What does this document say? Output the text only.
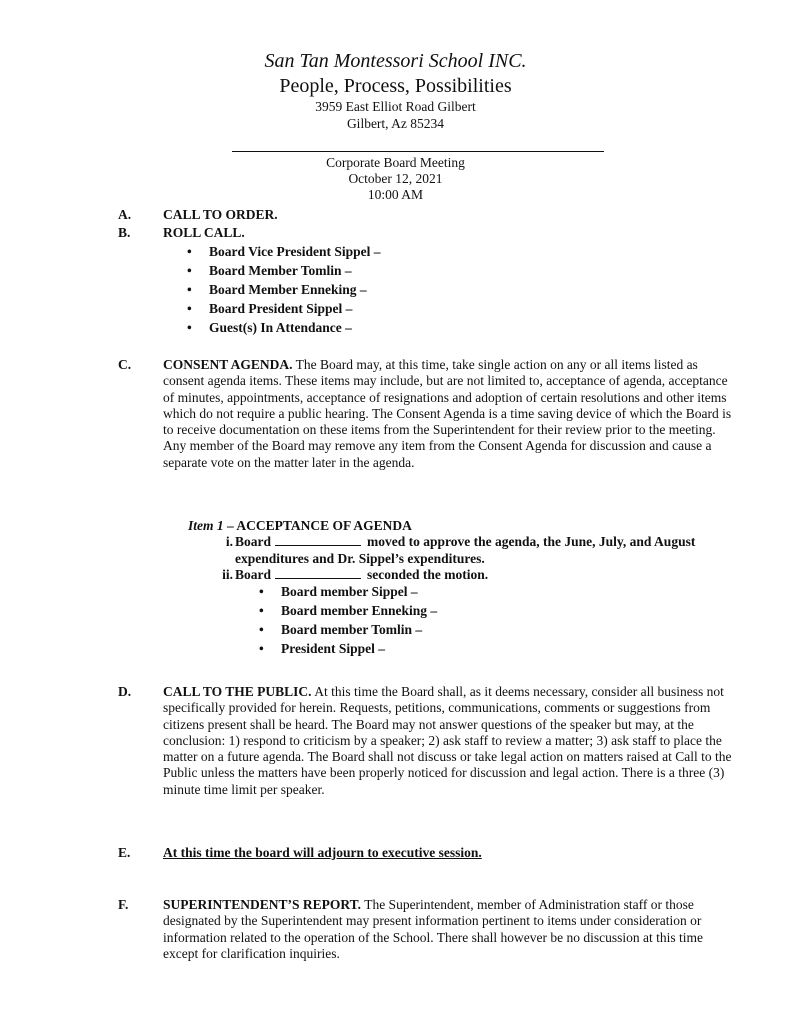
San Tan Montessori School INC.
People, Process, Possibilities
3959 East Elliot Road Gilbert
Gilbert, Az 85234
Corporate Board Meeting
October 12, 2021
10:00 AM
A. CALL TO ORDER.
B. ROLL CALL.
• Board Vice President Sippel –
• Board Member Tomlin –
• Board Member Enneking –
• Board President Sippel –
• Guest(s) In Attendance –
C. CONSENT AGENDA. The Board may, at this time, take single action on any or all items listed as consent agenda items. These items may include, but are not limited to, acceptance of agenda, acceptance of minutes, appointments, acceptance of resignations and adoption of certain resolutions and other items which do not require a public hearing. The Consent Agenda is a time saving device of which the Board is to receive documentation on these items from the Superintendent for their review prior to the meeting. Any member of the Board may remove any item from the Consent Agenda for discussion and cause a separate vote on the matter later in the agenda.
Item 1 – ACCEPTANCE OF AGENDA
i. Board	moved to approve the agenda, the June, July, and August expenditures and Dr. Sippel’s expenditures.
ii. Board	seconded the motion.
• Board member Sippel –
• Board member Enneking –
• Board member Tomlin –
• President Sippel –
D. CALL TO THE PUBLIC. At this time the Board shall, as it deems necessary, consider all business not specifically provided for herein. Requests, petitions, communications, comments or suggestions from citizens present shall be heard. The Board may not answer questions of the speaker but may, at the conclusion: 1) respond to criticism by a speaker; 2) ask staff to review a matter; 3) ask staff to place the matter on a future agenda. The Board shall not discuss or take legal action on matters raised at Call to the Public unless the matters have been properly noticed for discussion and legal action. There is a three (3) minute time limit per speaker.
E. At this time the board will adjourn to executive session.
F.	SUPERINTENDENT’S REPORT. The Superintendent, member of Administration staff or those designated by the Superintendent may present information pertinent to items under consideration or information related to the operation of the School. There shall however be no discussion at this time except for clarification inquiries.
